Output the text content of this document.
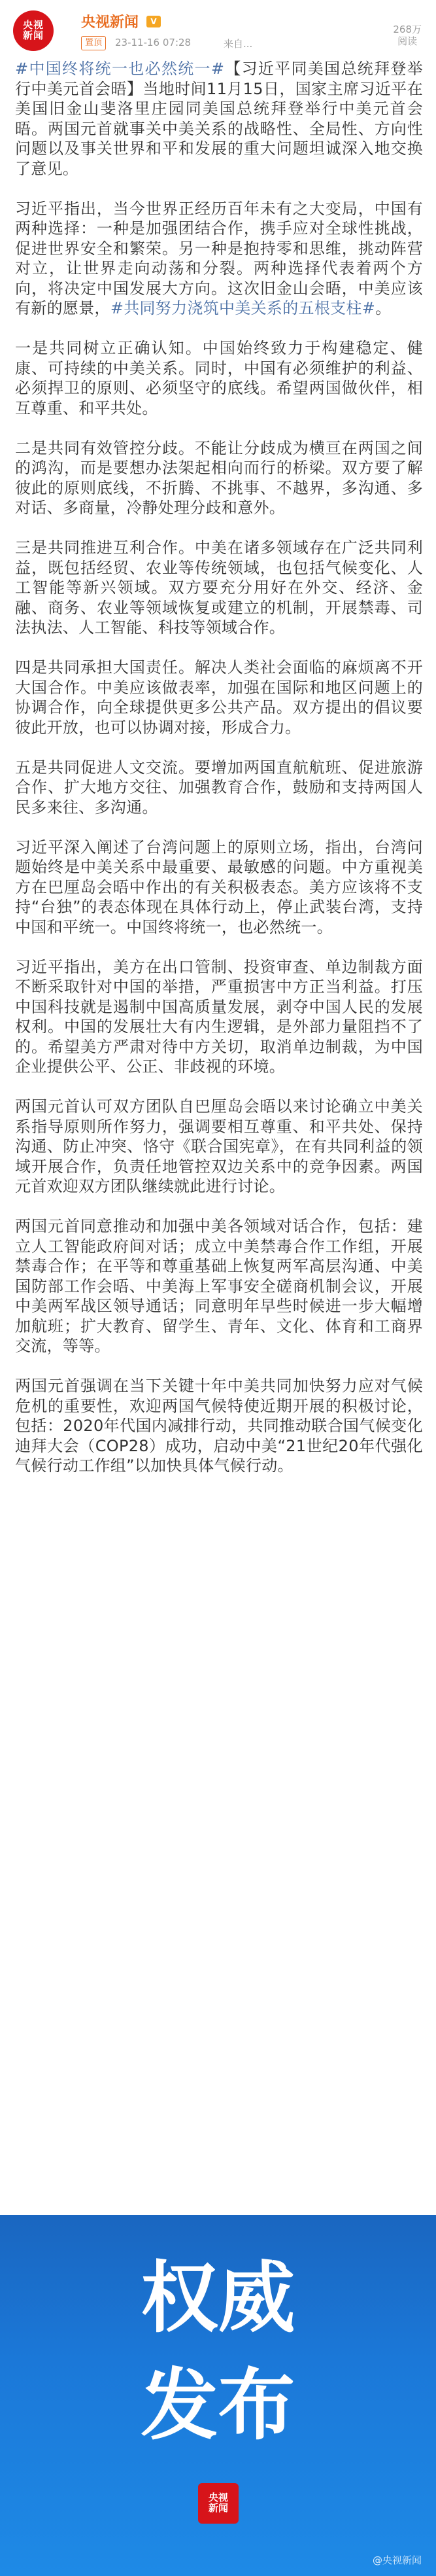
央视
新闻
央视新闻	V
置顶	23-11-16 07:28	来自...
268万
阅读

#中国终将统一也必然统一#【习近平同美国总统拜登举行中美元首会晤】当地时间11月15日，国家主席习近平在美国旧金山斐洛里庄园同美国总统拜登举行中美元首会晤。两国元首就事关中美关系的战略性、全局性、方向性问题以及事关世界和平和发展的重大问题坦诚深入地交换了意见。

习近平指出，当今世界正经历百年未有之大变局，中国有两种选择：一种是加强团结合作，携手应对全球性挑战，促进世界安全和繁荣。另一种是抱持零和思维，挑动阵营对立，让世界走向动荡和分裂。两种选择代表着两个方向，将决定中国发展大方向。这次旧金山会晤，中美应该有新的愿景，#共同努力浇筑中美关系的五根支柱#。

一是共同树立正确认知。中国始终致力于构建稳定、健康、可持续的中美关系。同时，中国有必须维护的利益、必须捍卫的原则、必须坚守的底线。希望两国做伙伴，相互尊重、和平共处。

二是共同有效管控分歧。不能让分歧成为横亘在两国之间的鸿沟，而是要想办法架起相向而行的桥梁。双方要了解彼此的原则底线，不折腾、不挑事、不越界，多沟通、多对话、多商量，冷静处理分歧和意外。

三是共同推进互利合作。中美在诸多领域存在广泛共同利益，既包括经贸、农业等传统领域，也包括气候变化、人工智能等新兴领域。双方要充分用好在外交、经济、金融、商务、农业等领域恢复或建立的机制，开展禁毒、司法执法、人工智能、科技等领域合作。

四是共同承担大国责任。解决人类社会面临的麻烦离不开大国合作。中美应该做表率，加强在国际和地区问题上的协调合作，向全球提供更多公共产品。双方提出的倡议要彼此开放，也可以协调对接，形成合力。

五是共同促进人文交流。要增加两国直航航班、促进旅游合作、扩大地方交往、加强教育合作，鼓励和支持两国人民多来往、多沟通。

习近平深入阐述了台湾问题上的原则立场，指出，台湾问题始终是中美关系中最重要、最敏感的问题。中方重视美方在巴厘岛会晤中作出的有关积极表态。美方应该将不支持“台独”的表态体现在具体行动上，停止武装台湾，支持中国和平统一。中国终将统一，也必然统一。

习近平指出，美方在出口管制、投资审查、单边制裁方面不断采取针对中国的举措，严重损害中方正当利益。打压中国科技就是遏制中国高质量发展，剥夺中国人民的发展权利。中国的发展壮大有内生逻辑，是外部力量阻挡不了的。希望美方严肃对待中方关切，取消单边制裁，为中国企业提供公平、公正、非歧视的环境。

两国元首认可双方团队自巴厘岛会晤以来讨论确立中美关系指导原则所作努力，强调要相互尊重、和平共处、保持沟通、防止冲突、恪守《联合国宪章》，在有共同利益的领域开展合作，负责任地管控双边关系中的竞争因素。两国元首欢迎双方团队继续就此进行讨论。

两国元首同意推动和加强中美各领域对话合作，包括：建立人工智能政府间对话；成立中美禁毒合作工作组，开展禁毒合作；在平等和尊重基础上恢复两军高层沟通、中美国防部工作会晤、中美海上军事安全磋商机制会议，开展中美两军战区领导通话；同意明年早些时候进一步大幅增加航班；扩大教育、留学生、青年、文化、体育和工商界交流，等等。

两国元首强调在当下关键十年中美共同加快努力应对气候危机的重要性，欢迎两国气候特使近期开展的积极讨论，包括：2020年代国内减排行动，共同推动联合国气候变化迪拜大会（COP28）成功，启动中美“21世纪20年代强化气候行动工作组”以加快具体气候行动。

权威
发布
央视
新闻
@央视新闻
